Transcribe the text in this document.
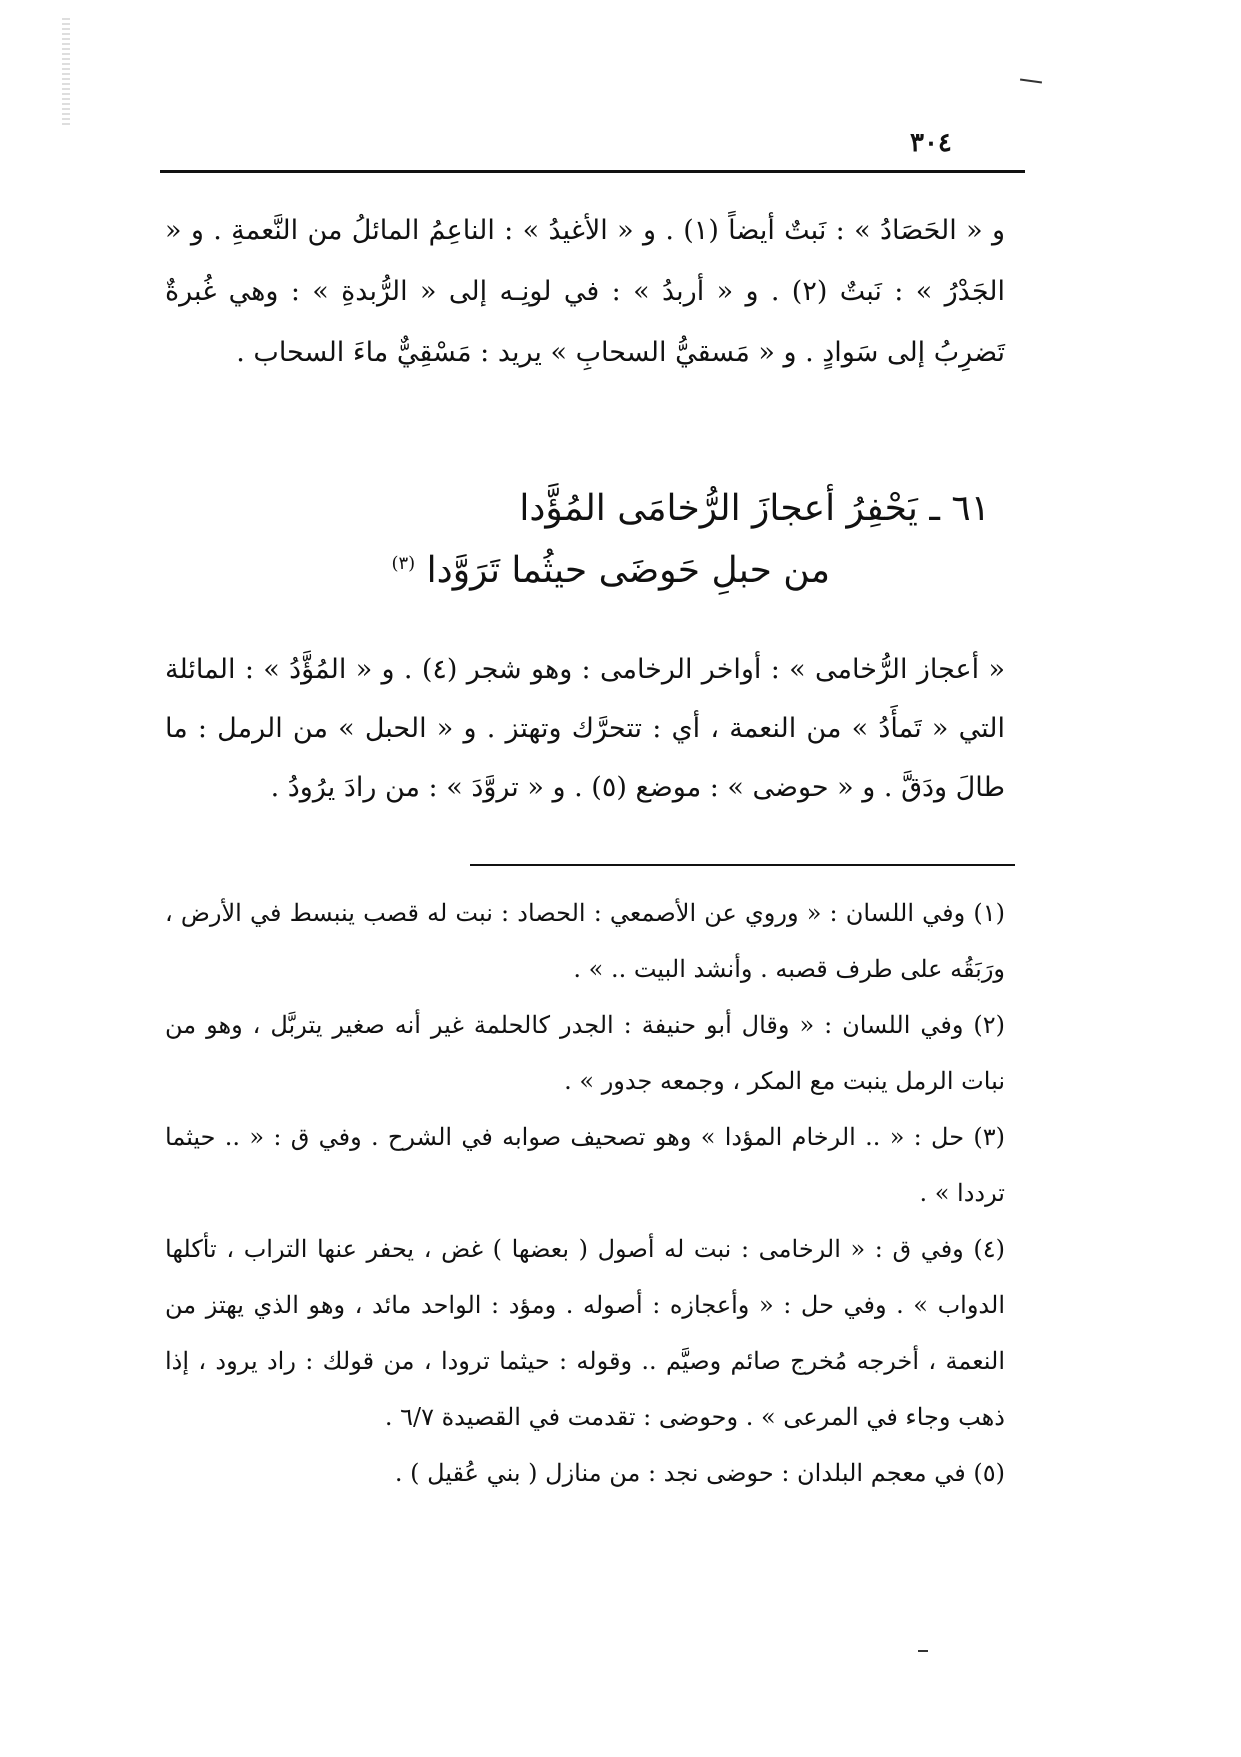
٣٠٤

و « الحَصَادُ » : نَبتٌ أيضاً (١) . و « الأغيدُ » : الناعِمُ المائلُ من النَّعمةِ . و « الجَدْرُ » : نَبتٌ (٢) . و « أربدُ » : في لونِـه إلى « الرُّبدةِ » : وهي غُبرةٌ تَضرِبُ إلى سَوادٍ . و « مَسقيُّ السحابِ » يريد : مَسْقِيٌّ ماءَ السحاب .

٦١ ـ يَحْفِرُ أعجازَ الرُّخامَى المُؤَّدا
من حبلِ حَوضَى حيثُما تَرَوَّدا $^{(٣)}$

« أعجاز الرُّخامى » : أواخر الرخامى : وهو شجر (٤) . و « المُؤَّدُ » : المائلة التي « تَمأَدُ » من النعمة ، أي : تتحرَّك وتهتز . و « الحبل » من الرمل : ما طالَ ودَقَّ . و « حوضى » : موضع (٥) . و « تروَّدَ » : من رادَ يرُودُ .

(١) وفي اللسان : « وروي عن الأصمعي : الحصاد : نبت له قصب ينبسط في الأرض ، ورَبَقُه على طرف قصبه . وأنشد البيت .. » .

(٢) وفي اللسان : « وقال أبو حنيفة : الجدر كالحلمة غير أنه صغير يتربَّل ، وهو من نبات الرمل ينبت مع المكر ، وجمعه جدور » .

(٣) حل : « .. الرخام المؤدا » وهو تصحيف صوابه في الشرح . وفي ق : « .. حيثما ترددا » .

(٤) وفي ق : « الرخامى : نبت له أصول ( بعضها ) غض ، يحفر عنها التراب ، تأكلها الدواب » . وفي حل : « وأعجازه : أصوله . ومؤد : الواحد مائد ، وهو الذي يهتز من النعمة ، أخرجه مُخرج صائم وصيَّم .. وقوله : حيثما ترودا ، من قولك : راد يرود ، إذا ذهب وجاء في المرعى » . وحوضى : تقدمت في القصيدة ٦/٧ .

(٥) في معجم البلدان : حوضى نجد : من منازل ( بني عُقيل ) .
